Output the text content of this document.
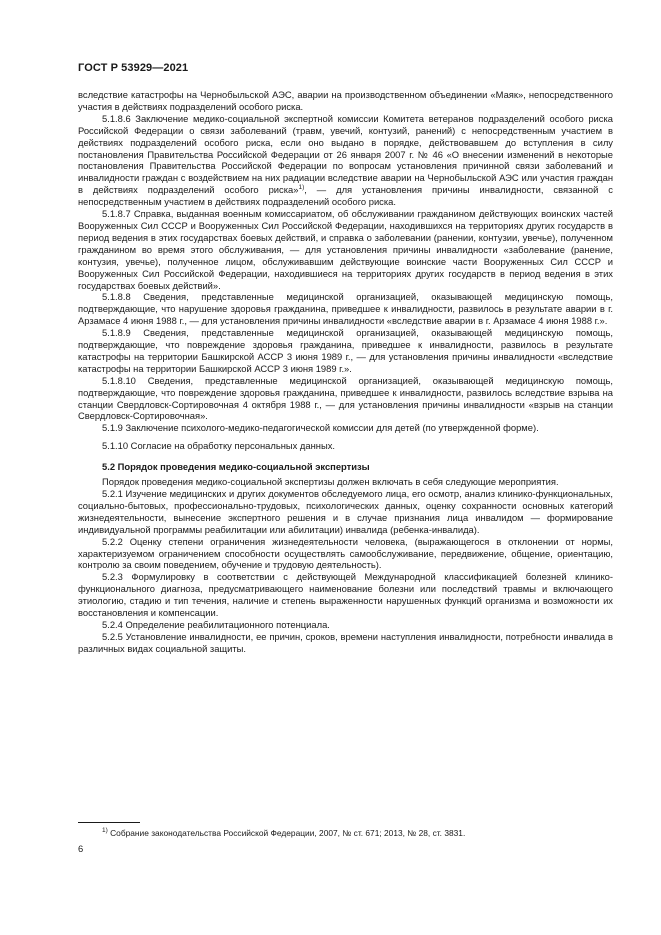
ГОСТ Р 53929—2021

вследствие катастрофы на Чернобыльской АЭС, аварии на производственном объединении «Маяк», непосредственного участия в действиях подразделений особого риска.

5.1.8.6 Заключение медико-социальной экспертной комиссии Комитета ветеранов подразделений особого риска Российской Федерации о связи заболеваний (травм, увечий, контузий, ранений) с непосредственным участием в действиях подразделений особого риска, если оно выдано в порядке, действовавшем до вступления в силу постановления Правительства Российской Федерации от 26 января 2007 г. № 46 «О внесении изменений в некоторые постановления Правительства Российской Федерации по вопросам установления причинной связи заболеваний и инвалидности граждан с воздействием на них радиации вследствие аварии на Чернобыльской АЭС или участия граждан в действиях подразделений особого риска»$^{1)}$, — для установления причины инвалидности, связанной с непосредственным участием в действиях подразделений особого риска.

5.1.8.7 Справка, выданная военным комиссариатом, об обслуживании гражданином действующих воинских частей Вооруженных Сил СССР и Вооруженных Сил Российской Федерации, находившихся на территориях других государств в период ведения в этих государствах боевых действий, и справка о заболевании (ранении, контузии, увечье), полученном гражданином во время этого обслуживания, — для установления причины инвалидности «заболевание (ранение, контузия, увечье), полученное лицом, обслуживавшим действующие воинские части Вооруженных Сил СССР и Вооруженных Сил Российской Федерации, находившиеся на территориях других государств в период ведения в этих государствах боевых действий».

5.1.8.8 Сведения, представленные медицинской организацией, оказывающей медицинскую помощь, подтверждающие, что нарушение здоровья гражданина, приведшее к инвалидности, развилось в результате аварии в г. Арзамасе 4 июня 1988 г., — для установления причины инвалидности «вследствие аварии в г. Арзамасе 4 июня 1988 г.».

5.1.8.9 Сведения, представленные медицинской организацией, оказывающей медицинскую помощь, подтверждающие, что повреждение здоровья гражданина, приведшее к инвалидности, развилось в результате катастрофы на территории Башкирской АССР 3 июня 1989 г., — для установления причины инвалидности «вследствие катастрофы на территории Башкирской АССР 3 июня 1989 г.».

5.1.8.10 Сведения, представленные медицинской организацией, оказывающей медицинскую помощь, подтверждающие, что повреждение здоровья гражданина, приведшее к инвалидности, развилось вследствие взрыва на станции Свердловск-Сортировочная 4 октября 1988 г., — для установления причины инвалидности «взрыв на станции Свердловск-Сортировочная».

5.1.9 Заключение психолого-медико-педагогической комиссии для детей (по утвержденной форме).

5.1.10 Согласие на обработку персональных данных.

5.2 Порядок проведения медико-социальной экспертизы

Порядок проведения медико-социальной экспертизы должен включать в себя следующие мероприятия.

5.2.1 Изучение медицинских и других документов обследуемого лица, его осмотр, анализ клинико-функциональных, социально-бытовых, профессионально-трудовых, психологических данных, оценку сохранности основных категорий жизнедеятельности, вынесение экспертного решения и в случае признания лица инвалидом — формирование индивидуальной программы реабилитации или абилитации) инвалида (ребенка-инвалида).

5.2.2 Оценку степени ограничения жизнедеятельности человека, (выражающегося в отклонении от нормы, характеризуемом ограничением способности осуществлять самообслуживание, передвижение, общение, ориентацию, контролю за своим поведением, обучение и трудовую деятельность).

5.2.3 Формулировку в соответствии с действующей Международной классификацией болезней клинико-функционального диагноза, предусматривающего наименование болезни или последствий травмы и включающего этиологию, стадию и тип течения, наличие и степень выраженности нарушенных функций организма и возможности их восстановления и компенсации.

5.2.4 Определение реабилитационного потенциала.

5.2.5 Установление инвалидности, ее причин, сроков, времени наступления инвалидности, потребности инвалида в различных видах социальной защиты.

$^{1)}$ Собрание законодательства Российской Федерации, 2007, № ст. 671; 2013, № 28, ст. 3831.
6
